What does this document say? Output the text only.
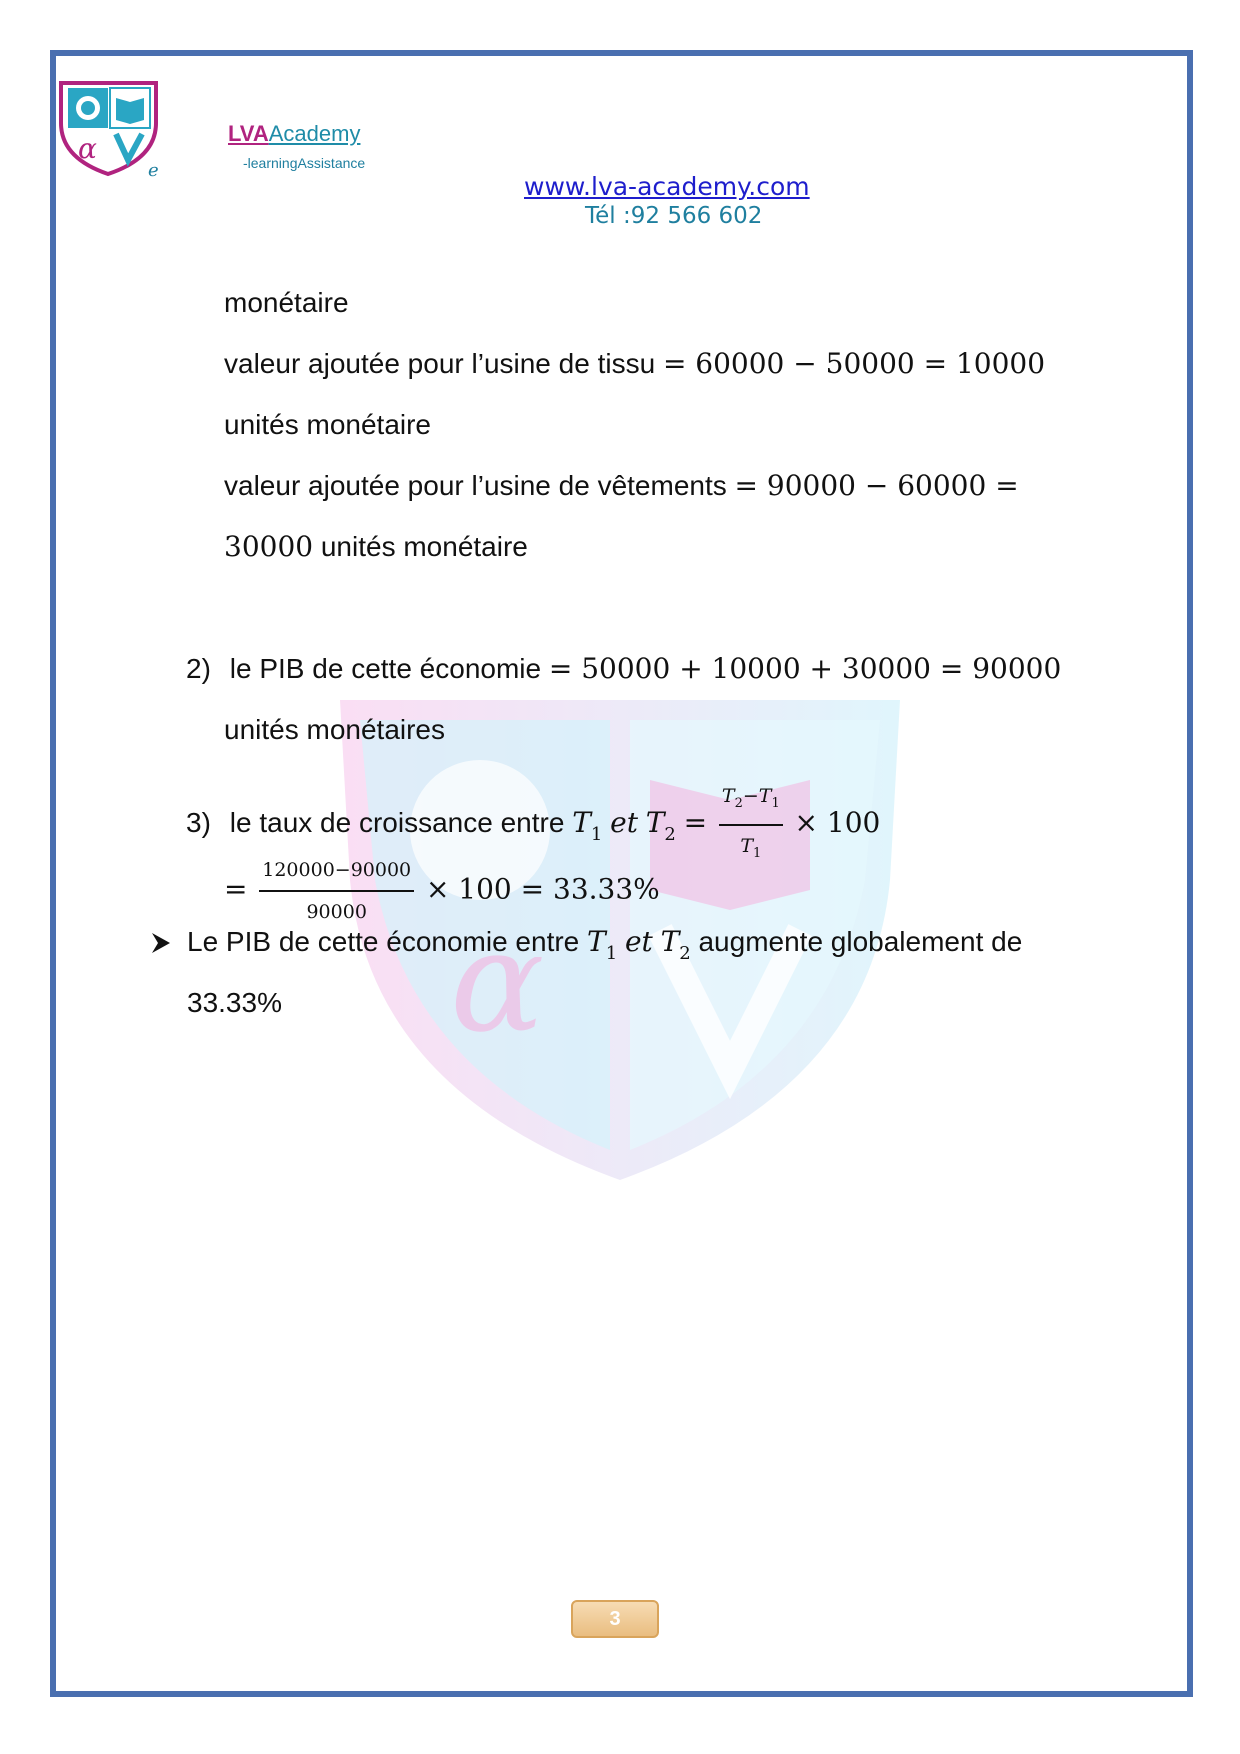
α
e
LVAAcademy
-learningAssistance
www.lva-academy.com
Tél :92 566 602
α
monétaire
valeur ajoutée pour l’usine de tissu = 60000 − 50000 = 10000
unités monétaire
valeur ajoutée pour l’usine de vêtements = 90000 − 60000 =
30000 unités monétaire
2) le PIB de cette économie = 50000 + 10000 + 30000 = 90000
unités monétaires
3) le taux de croissance entre $T_1$ et $T_2 = \frac{T_2-T_1}{T_1} \times 100$
= $\frac{120000-90000}{90000} \times 100 = 33.33\%$
Le PIB de cette économie entre $T_1$ et $T_2$ augmente globalement de
33.33%
3
